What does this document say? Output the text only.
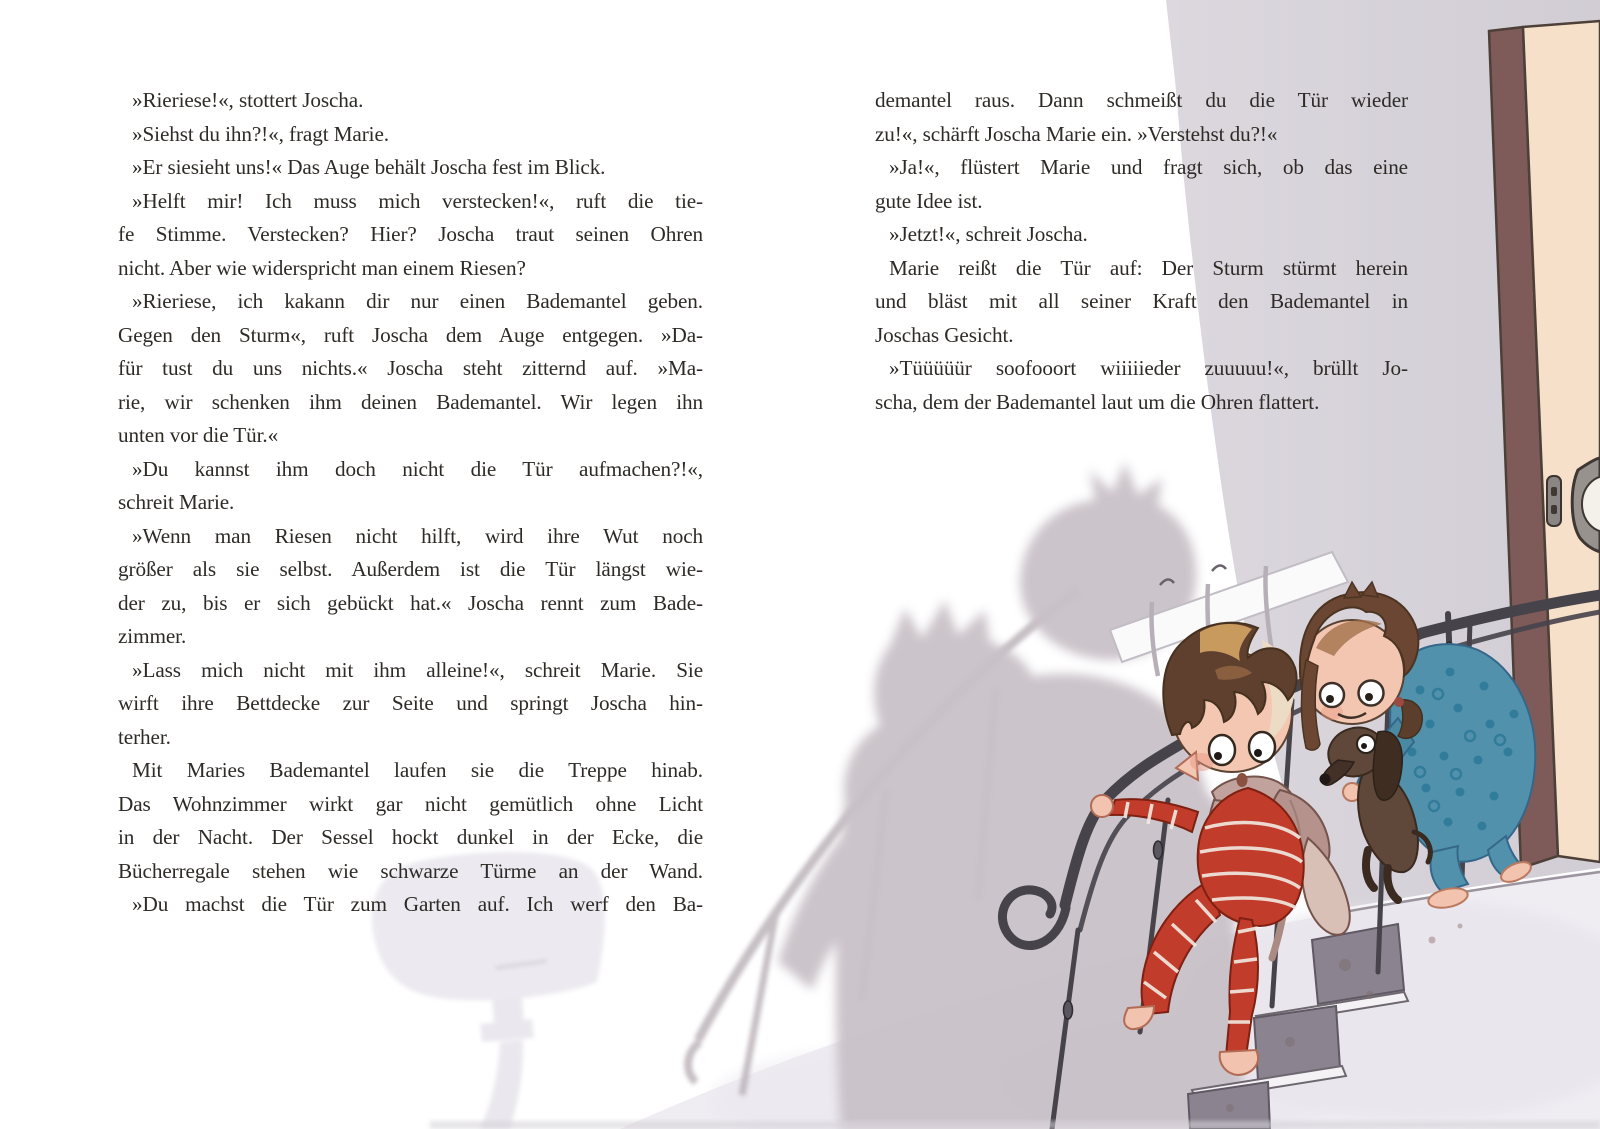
»Rieriese!«, stottert Joscha.
»Siehst du ihn?!«, fragt Marie.
»Er siesieht uns!« Das Auge behält Joscha fest im Blick.
»Helft mir! Ich muss mich verstecken!«, ruft die tie-
fe Stimme. Verstecken? Hier? Joscha traut seinen Ohren
nicht. Aber wie widerspricht man einem Riesen?
»Rieriese, ich kakann dir nur einen Bademantel geben.
Gegen den Sturm«, ruft Joscha dem Auge entgegen. »Da-
für tust du uns nichts.« Joscha steht zitternd auf. »Ma-
rie, wir schenken ihm deinen Bademantel. Wir legen ihn
unten vor die Tür.«
»Du kannst ihm doch nicht die Tür aufmachen?!«,
schreit Marie.
»Wenn man Riesen nicht hilft, wird ihre Wut noch
größer als sie selbst. Außerdem ist die Tür längst wie-
der zu, bis er sich gebückt hat.« Joscha rennt zum Bade-
zimmer.
»Lass mich nicht mit ihm alleine!«, schreit Marie. Sie
wirft ihre Bettdecke zur Seite und springt Joscha hin-
terher.
Mit Maries Bademantel laufen sie die Treppe hinab.
Das Wohnzimmer wirkt gar nicht gemütlich ohne Licht
in der Nacht. Der Sessel hockt dunkel in der Ecke, die
Bücherregale stehen wie schwarze Türme an der Wand.
»Du machst die Tür zum Garten auf. Ich werf den Ba-
demantel raus. Dann schmeißt du die Tür wieder
zu!«, schärft Joscha Marie ein. »Verstehst du?!«
»Ja!«, flüstert Marie und fragt sich, ob das eine
gute Idee ist.
»Jetzt!«, schreit Joscha.
Marie reißt die Tür auf: Der Sturm stürmt herein
und bläst mit all seiner Kraft den Bademantel in
Joschas Gesicht.
»Tüüüüür soofooort wiiiiieder zuuuuu!«, brüllt Jo-
scha, dem der Bademantel laut um die Ohren flattert.
